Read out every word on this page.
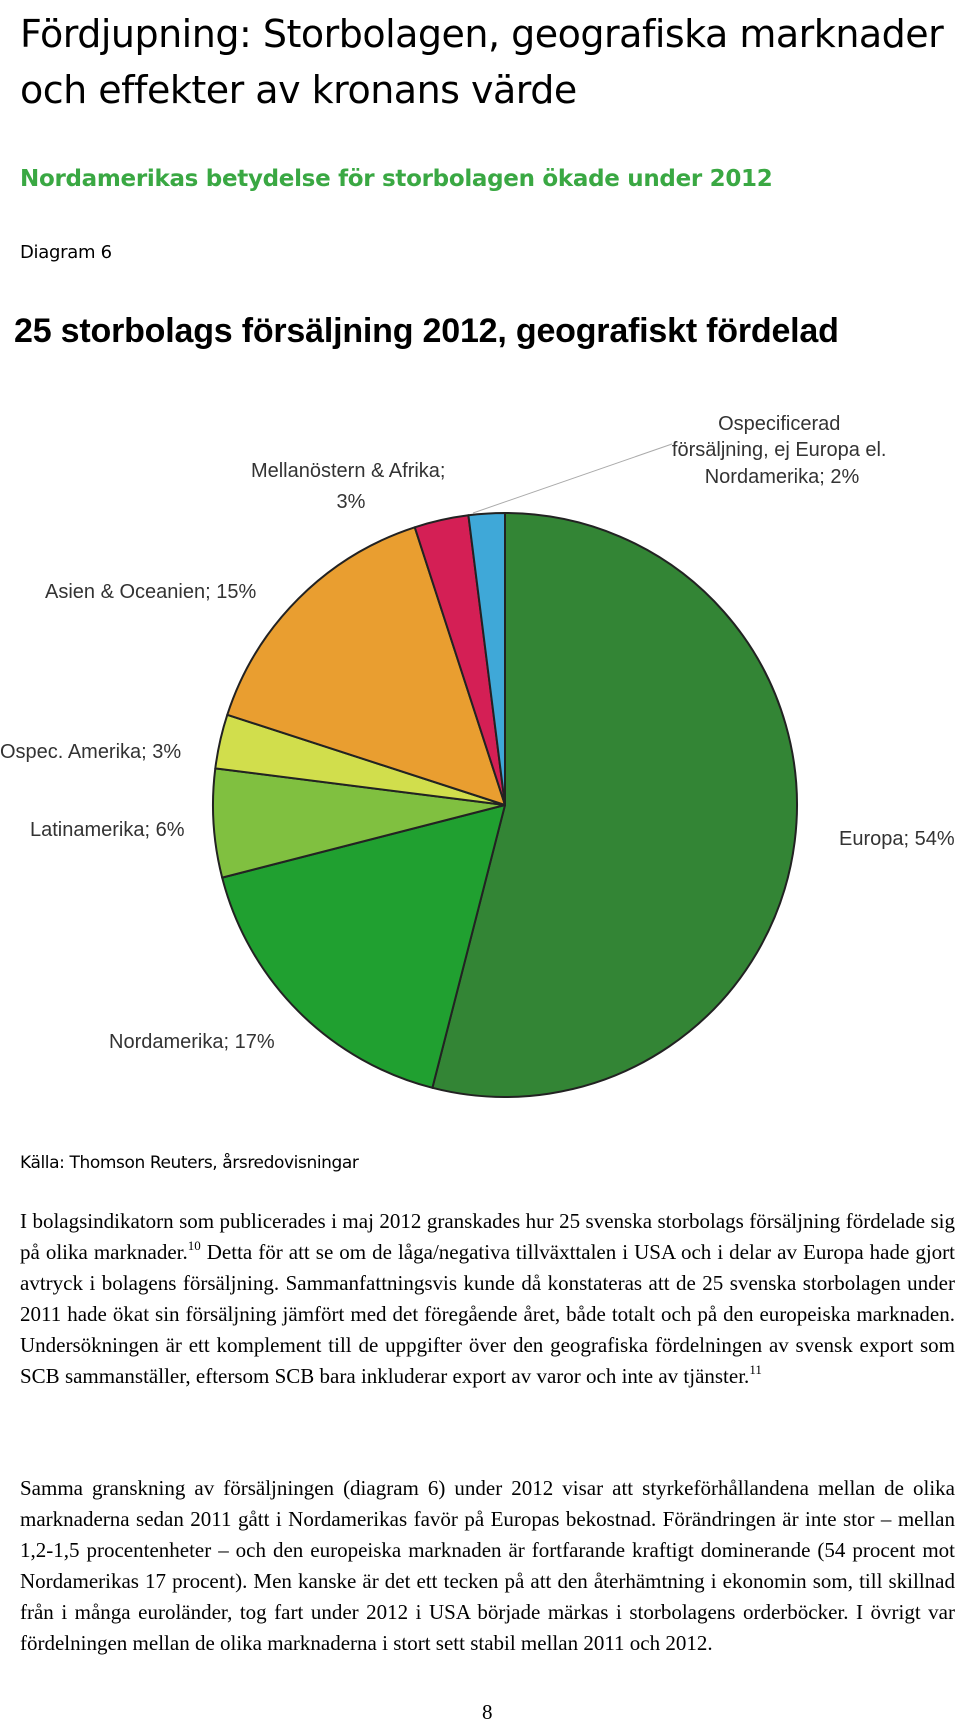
Fördjupning: Storbolagen, geografiska marknader och effekter av kronans värde
Nordamerikas betydelse för storbolagen ökade under 2012
Diagram 6
25 storbolags försäljning 2012, geografiskt fördelad
Mellanöstern & Afrika; 3%
Ospecificerad försäljning, ej Europa el. Nordamerika; 2%
Asien & Oceanien; 15%
Ospec. Amerika; 3%
Latinamerika; 6%	Europa; 54%
Nordamerika; 17%
Källa: Thomson Reuters, årsredovisningar

I bolagsindikatorn som publicerades i maj 2012 granskades hur 25 svenska storbolags försäljning fördelade sig på olika marknader.$^{10}$ Detta för att se om de låga/negativa tillväxttalen i USA och i delar av Europa hade gjort avtryck i bolagens försäljning. Sammanfattningsvis kunde då konstateras att de 25 svenska storbolagen under 2011 hade ökat sin försäljning jämfört med det föregående året, både totalt och på den europeiska marknaden. Undersökningen är ett komplement till de uppgifter över den geografiska fördelningen av svensk export som SCB sammanställer, eftersom SCB bara inkluderar export av varor och inte av tjänster.$^{11}$

Samma granskning av försäljningen (diagram 6) under 2012 visar att styrkeförhållandena mellan de olika marknaderna sedan 2011 gått i Nordamerikas favör på Europas bekostnad. Förändringen är inte stor – mellan 1,2-1,5 procentenheter – och den europeiska marknaden är fortfarande kraftigt dominerande (54 procent mot Nordamerikas 17 procent). Men kanske är det ett tecken på att den återhämtning i ekonomin som, till skillnad från i många euroländer, tog fart under 2012 i USA började märkas i storbolagens orderböcker. I övrigt var fördelningen mellan de olika marknaderna i stort sett stabil mellan 2011 och 2012.

8
